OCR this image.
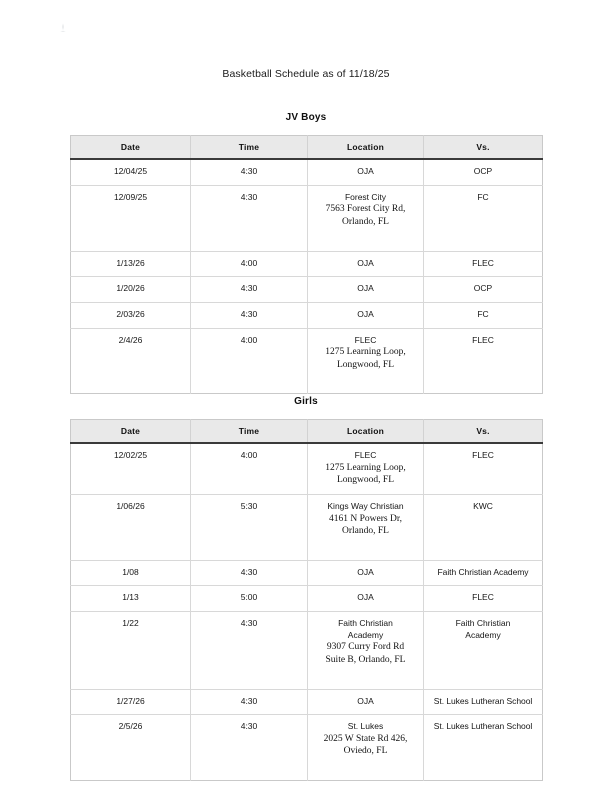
Basketball Schedule as of 11/18/25
JV Boys
Date	Time	Location	Vs.
12/04/25	4:30	OJA	OCP
12/09/25	4:30	Forest City
7563 Forest City Rd,
Orlando, FL	FC
1/13/26	4:00	OJA	FLEC
1/20/26	4:30	OJA	OCP
2/03/26	4:30	OJA	FC
2/4/26	4:00	FLEC
1275 Learning Loop,
Longwood, FL	FLEC
Girls
Date	Time	Location	Vs.
12/02/25	4:00	FLEC
1275 Learning Loop,
Longwood, FL	FLEC
1/06/26	5:30	Kings Way Christian
4161 N Powers Dr,
Orlando, FL	KWC
1/08	4:30	OJA	Faith Christian Academy
1/13	5:00	OJA	FLEC
1/22	4:30	Faith Christian
Academy
9307 Curry Ford Rd
Suite B, Orlando, FL	Faith Christian
Academy
1/27/26	4:30	OJA	St. Lukes Lutheran School
2/5/26	4:30	St. Lukes
2025 W State Rd 426,
Oviedo, FL	St. Lukes Lutheran School
